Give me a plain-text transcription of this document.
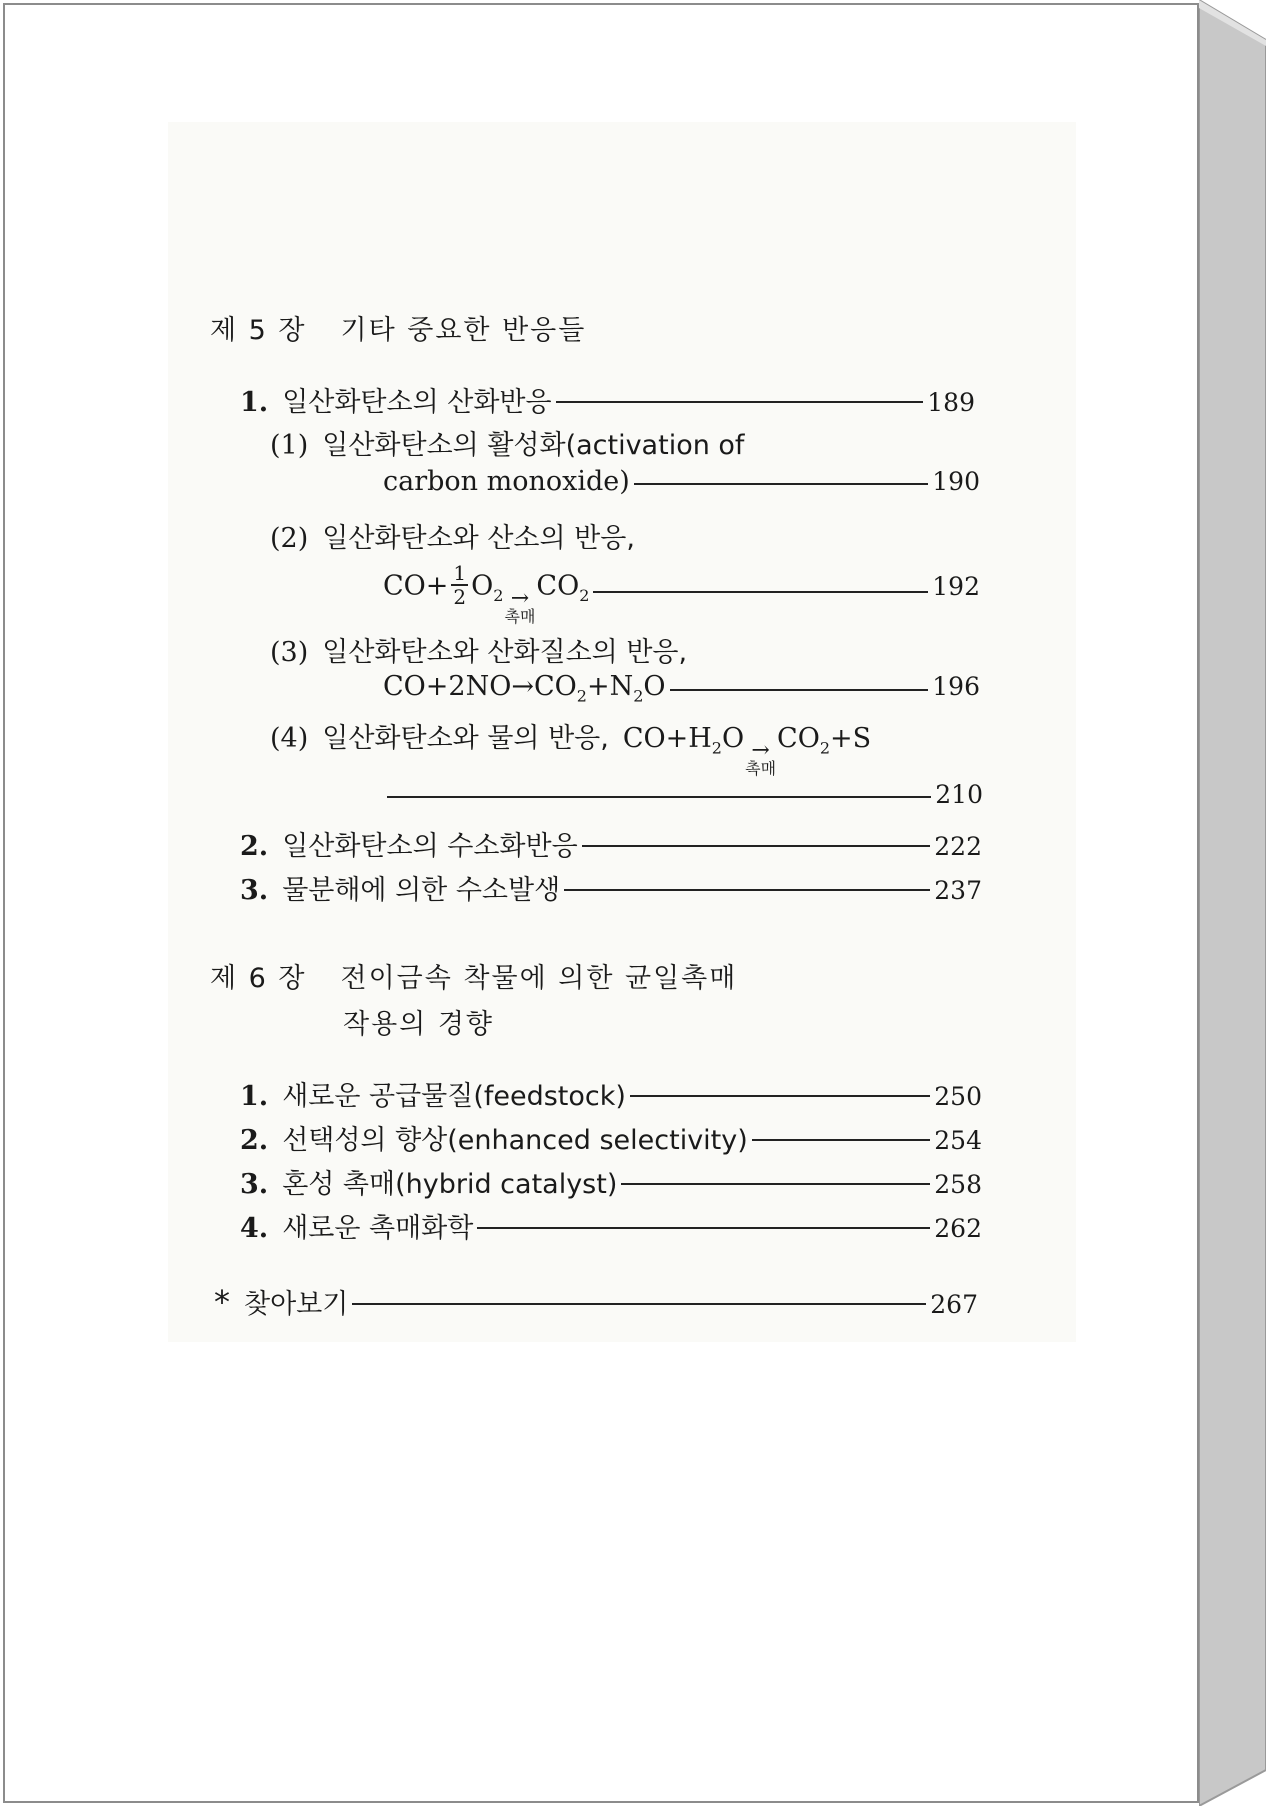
제 5 장 기타 중요한 반응들
1. 일산화탄소의 산화반응	189
(1) 일산화탄소의 활성화(activation of
carbon monoxide)	190
(2) 일산화탄소와 산소의 반응,
$CO+ \frac{1}{2} O_2$ →
촉매
$CO_2$	192
(3) 일산화탄소와 산화질소의 반응,
$CO+2NO\to CO_2+N_2O$	196
(4) 일산화탄소와 물의 반응, $CO+H_2O$ →
촉매
$CO_2+S$
210
2. 일산화탄소의 수소화반응	222
3. 물분해에 의한 수소발생	237
제 6 장 전이금속 착물에 의한 균일촉매
작용의 경향
1. 새로운 공급물질(feedstock)	250
2. 선택성의 향상(enhanced selectivity)	254
3. 혼성 촉매(hybrid catalyst)	258
4. 새로운 촉매화학	262
* 찾아보기	267
